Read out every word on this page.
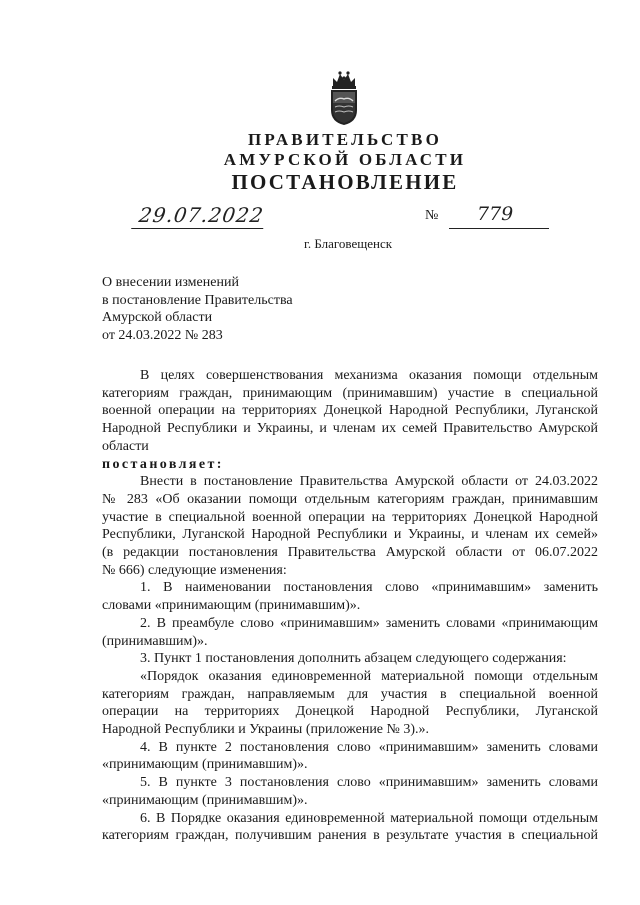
ПРАВИТЕЛЬСТВО
АМУРСКОЙ ОБЛАСТИ
ПОСТАНОВЛЕНИЕ
29.07.2022	№	779
г. Благовещенск
О внесении изменений
в постановление Правительства
Амурской области
от 24.03.2022 № 283
В целях совершенствования механизма оказания помощи отдельным
категориям граждан, принимающим (принимавшим) участие в специальной
военной операции на территориях Донецкой Народной Республики, Луганской
Народной Республики и Украины, и членам их семей Правительство Амурской
области
постановляет:
Внести в постановление Правительства Амурской области от 24.03.2022
№ 283 «Об оказании помощи отдельным категориям граждан, принимавшим
участие в специальной военной операции на территориях Донецкой Народной
Республики, Луганской Народной Республики и Украины, и членам их семей»
(в редакции постановления Правительства Амурской области от 06.07.2022
№ 666) следующие изменения:
1. В наименовании постановления слово «принимавшим» заменить
словами «принимающим (принимавшим)».
2. В преамбуле слово «принимавшим» заменить словами «принимающим
(принимавшим)».
3. Пункт 1 постановления дополнить абзацем следующего содержания:
«Порядок оказания единовременной материальной помощи отдельным
категориям граждан, направляемым для участия в специальной военной
операции на территориях Донецкой Народной Республики, Луганской
Народной Республики и Украины (приложение № 3).».
4. В пункте 2 постановления слово «принимавшим» заменить словами
«принимающим (принимавшим)».
5. В пункте 3 постановления слово «принимавшим» заменить словами
«принимающим (принимавшим)».
6. В Порядке оказания единовременной материальной помощи отдельным
категориям граждан, получившим ранения в результате участия в специальной
